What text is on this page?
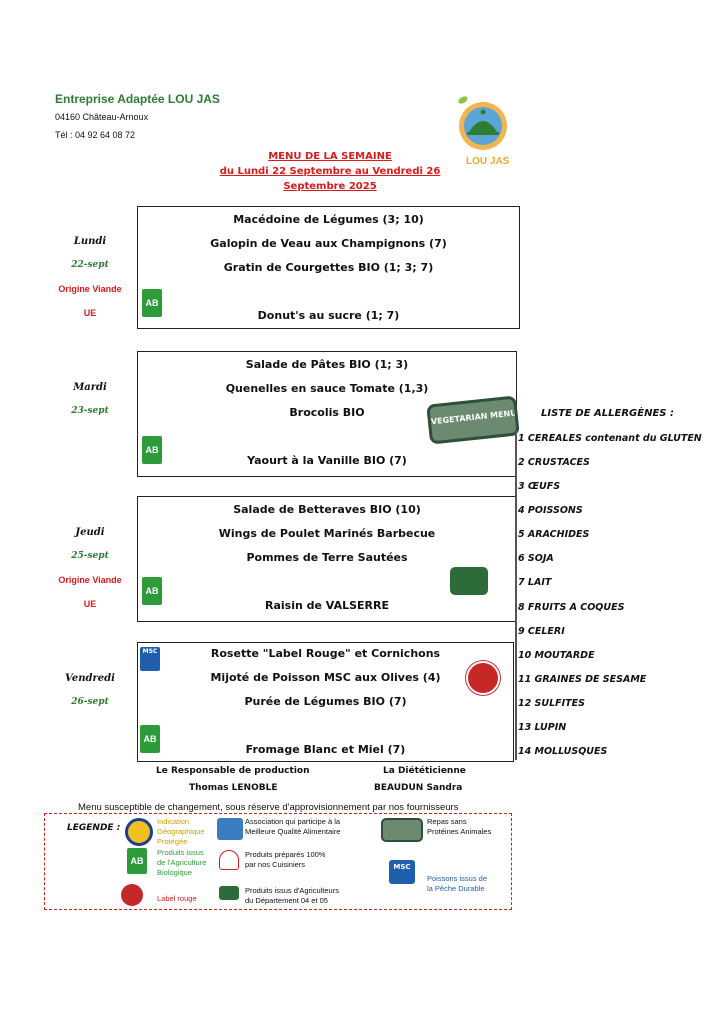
Entreprise Adaptée LOU JAS
04160 Château-Arnoux
Tél : 04 92 64 08 72
LOU JAS
MENU DE LA SEMAINE
du Lundi 22 Septembre au Vendredi 26 Septembre 2025
Lundi
22-sept
Origine Viande
UE
Macédoine de Légumes (3; 10)
Galopin de Veau aux Champignons (7)
Gratin de Courgettes BIO (1; 3; 7)
Donut's au sucre (1; 7)
AB
Mardi
23-sept
Salade de Pâtes BIO (1; 3)
Quenelles en sauce Tomate (1,3)
Brocolis BIO
Yaourt à la Vanille BIO (7)
AB
VEGETARIAN MENU
Jeudi
25-sept
Origine Viande
UE
Salade de Betteraves BIO (10)
Wings de Poulet Marinés Barbecue
Pommes de Terre Sautées
Raisin de VALSERRE
AB
Vendredi
26-sept
Rosette "Label Rouge" et Cornichons
Mijoté de Poisson MSC aux Olives (4)
Purée de Légumes BIO (7)
Fromage Blanc et Miel (7)
MSC
AB
LISTE DE ALLERGÈNES :
1 CEREALES contenant du GLUTEN
2 CRUSTACES
3 ŒUFS
4 POISSONS
5 ARACHIDES
6 SOJA
7 LAIT
8 FRUITS A COQUES
9 CELERI
10 MOUTARDE
11 GRAINES DE SESAME
12 SULFITES
13 LUPIN
14 MOLLUSQUES
Le Responsable de production
Thomas LENOBLE
La Diététicienne
BEAUDUN Sandra
Menu susceptible de changement, sous réserve d'approvisionnement par nos fournisseurs
LEGENDE :
Indication
Géographique
Protégée
Association qui participe à la
Meilleure Qualité Alimentaire
Repas sans
Protéines Animales
AB
Produits issus
de l'Agriculture
Biologique
Produits préparés 100%
par nos Cuisiniers	MSC
Poissons issus de
la Pêche Durable
Label rouge
Produits issus d'Agriculteurs
du Département 04 et 05
